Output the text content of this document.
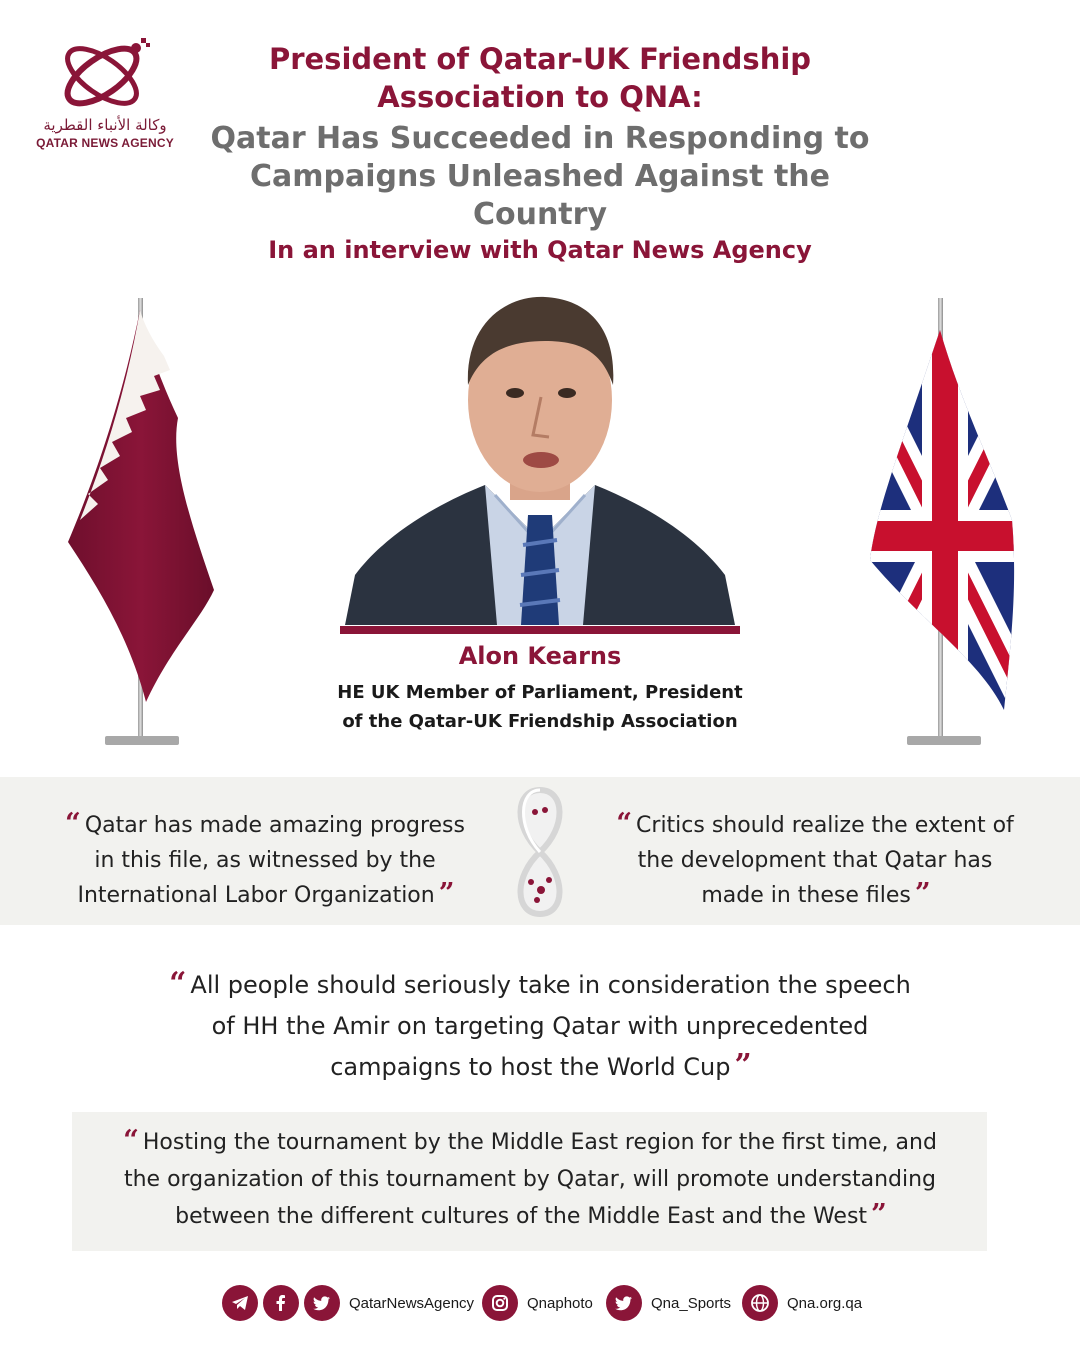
وكالة الأنباء القطرية
QATAR NEWS AGENCY
President of Qatar-UK Friendship
Association to QNA:
Qatar Has Succeeded in Responding to
Campaigns Unleashed Against the Country
In an interview with Qatar News Agency
Alon Kearns
HE UK Member of Parliament, President
of the Qatar-UK Friendship Association
“ Qatar has made amazing progress
in this file, as witnessed by the
International Labor Organization ”
“ Critics should realize the extent of
the development that Qatar has
made in these files ”
“ All people should seriously take in consideration the speech
of HH the Amir on targeting Qatar with unprecedented
campaigns to host the World Cup ”
“ Hosting the tournament by the Middle East region for the first time, and
the organization of this tournament by Qatar, will promote understanding
between the different cultures of the Middle East and the West ”
QatarNewsAgency	Qnaphoto	Qna_Sports	Qna.org.qa
